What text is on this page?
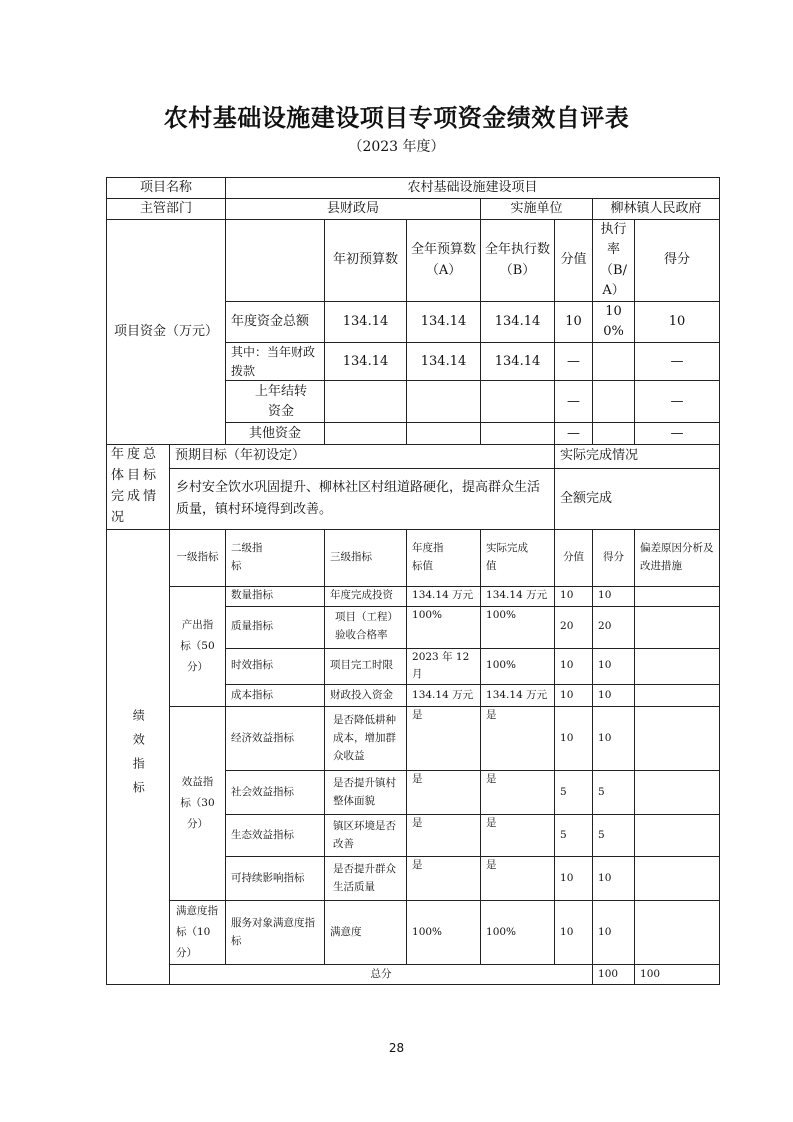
农村基础设施建设项目专项资金绩效自评表
（2023 年度）
项目名称		农村基础设施建设项目							
主管部门		县财政局			实施单位		柳林镇人民政府		
项目资金（万元）			年初预算数	全年预算数（A）	全年执行数（B）	分值	执行率（B/A）	得分	
		年度资金总额	134.14	134.14	134.14	10	100%	10	
		其中：当年财政拨款	134.14	134.14	134.14	—		—	
		上年结转资金				—		—	
		其他资金				—		—	
年度总体目标完成情况	预期目标（年初设定）					实际完成情况			
	乡村安全饮水巩固提升、柳林社区村组道路硬化，提高群众生活质量，镇村环境得到改善。					全额完成			
绩效指标	一级指标	二级指标	三级指标	年度指标值	实际完成值	分值	得分	偏差原因分析及改进措施	
	产出指标（50分）	数量指标	年度完成投资	134.14 万元	134.14 万元	10	10		
		质量指标	项目（工程）验收合格率	100%	100%	20	20		
		时效指标	项目完工时限	2023 年 12 月	100%	10	10		
		成本指标	财政投入资金	134.14 万元	134.14 万元	10	10		
	效益指标（30分）	经济效益指标	是否降低耕种成本，增加群众收益	是	是	10	10		
		社会效益指标	是否提升镇村整体面貌	是	是	5	5		
		生态效益指标	镇区环境是否改善	是	是	5	5		
		可持续影响指标	是否提升群众生活质量	是	是	10	10		
	满意度指标（10分）	服务对象满意度指标	满意度	100%	100%	10	10		
	总分						100	100	
28
